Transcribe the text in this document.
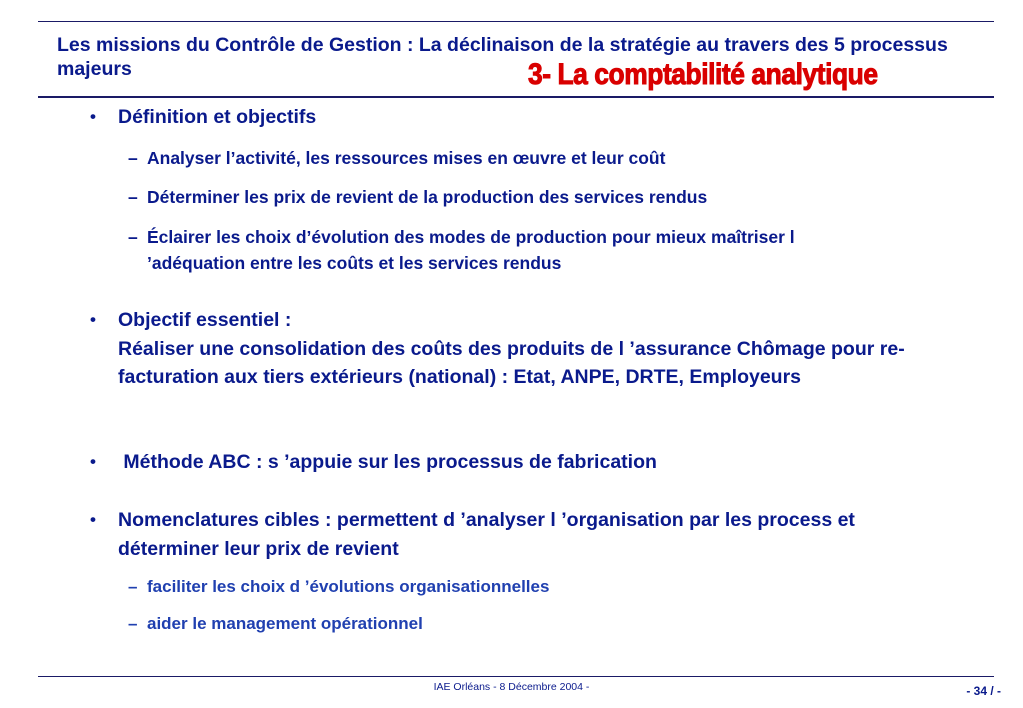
Les missions du Contrôle de Gestion : La déclinaison de la stratégie au travers des 5 processus majeurs	3- La comptabilité analytique
• Définition et objectifs
– Analyser l’activité, les ressources mises en œuvre et leur coût
– Déterminer les prix de revient de la production des services rendus
– Éclairer les choix d’évolution des modes de production pour mieux maîtriser l ’adéquation entre les coûts et les services rendus
• Objectif essentiel :
Réaliser une consolidation des coûts des produits de l ’assurance Chômage pour re-facturation aux tiers extérieurs (national) : Etat, ANPE, DRTE, Employeurs
• Méthode ABC : s ’appuie sur les processus de fabrication
• Nomenclatures cibles : permettent d ’analyser l ’organisation par les process et déterminer leur prix de revient
– faciliter les choix d ’évolutions organisationnelles
– aider le management opérationnel

IAE Orléans - 8 Décembre 2004 -	- 34 / -
